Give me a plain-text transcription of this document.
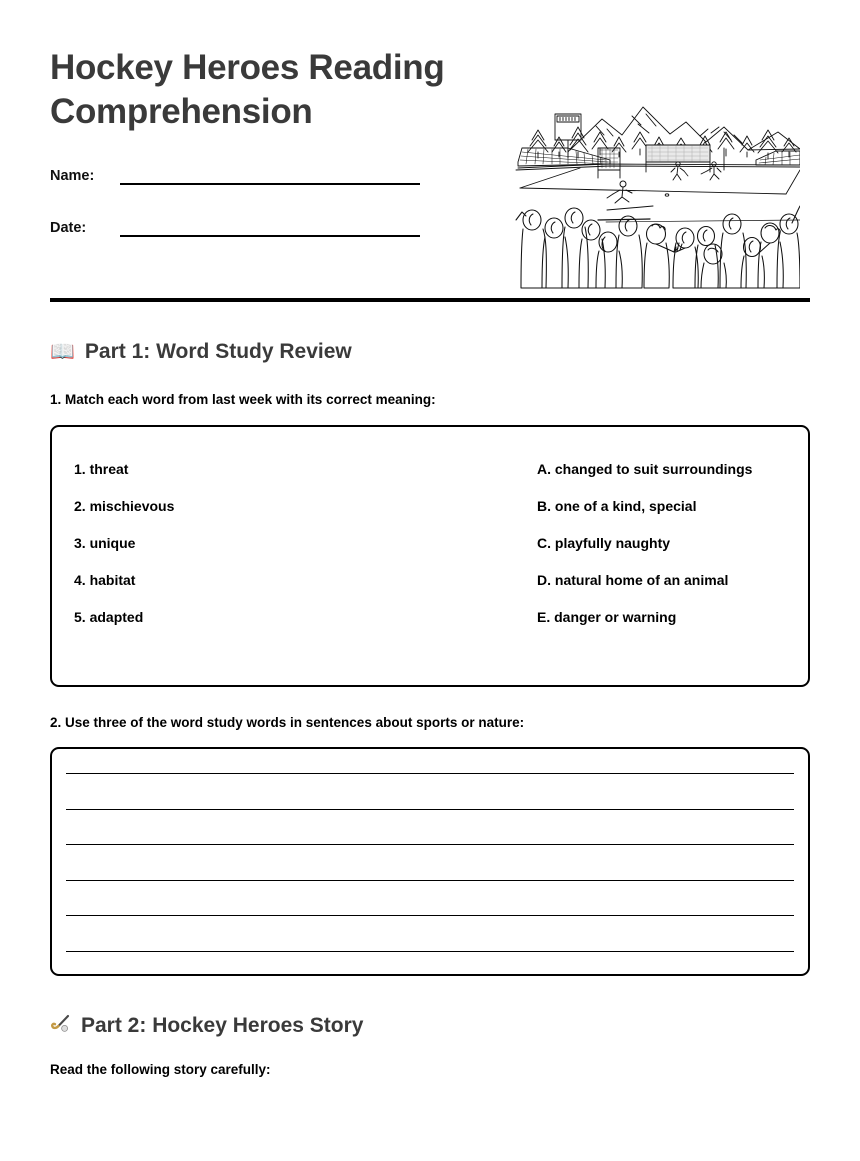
Hockey Heroes Reading Comprehension
Name:
Date:
📖 Part 1: Word Study Review
1. Match each word from last week with its correct meaning:
1. threat	A. changed to suit surroundings
2. mischievous	B. one of a kind, special
3. unique	C. playfully naughty
4. habitat	D. natural home of an animal
5. adapted	E. danger or warning
2. Use three of the word study words in sentences about sports or nature:
Part 2: Hockey Heroes Story
Read the following story carefully:
